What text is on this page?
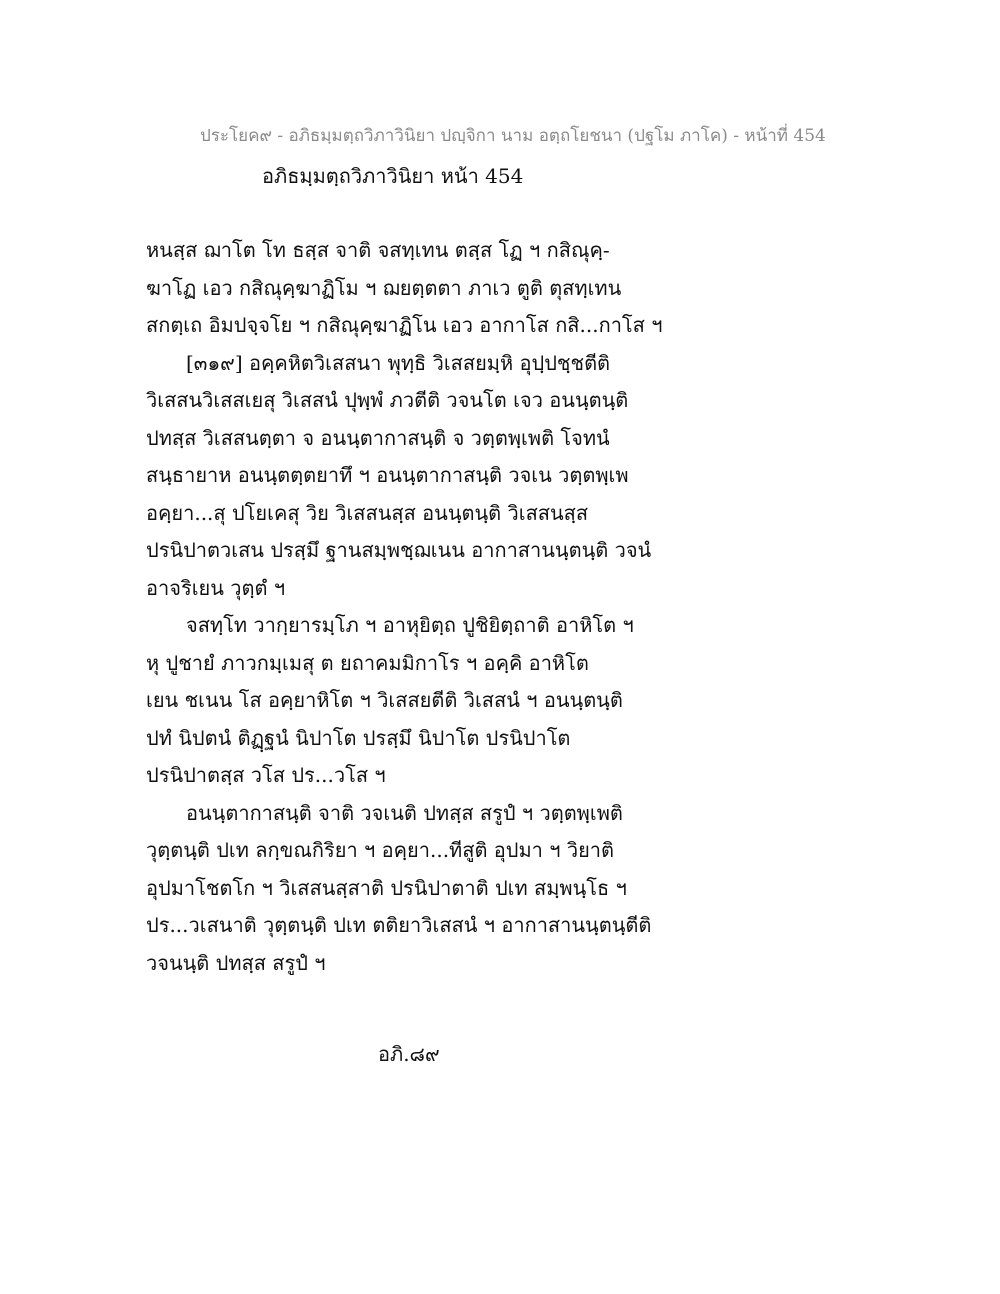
ประโยค๙ - อภิธมฺมตฺถวิภาวินิยา ปญฺจิกา นาม อตฺถโยชนา (ปฐโม ภาโค) - หน้าที่ 454
อภิธมฺมตฺถวิภาวินิยา หน้า 454
หนสฺส ฌาโต โท ธสฺส จาติ จสทฺเทน ตสฺส โฏ ฯ กสิณุคฺ-
ฆาโฏ เอว กสิณุคฺฆาฏิโม ฯ ฌยตฺตตา ภาเว ตูติ ตุสทฺเทน
สกตฺเถ อิมปจฺจโย ฯ กสิณุคฺฆาฏิโน เอว อากาโส กสิ...กาโส ฯ
[๓๑๙] อคฺคหิตวิเสสนา พุทฺธิ วิเสสยมฺหิ อุปฺปชฺชตีติ
วิเสสนวิเสสเยสุ วิเสสนํ ปุพฺพํ ภวตีติ วจนโต เจว อนนฺตนฺติ
ปทสฺส วิเสสนตฺตา จ อนนฺตากาสนฺติ จ วตฺตพฺเพติ โจทนํ
สนฺธายาห อนนฺตตฺตยาทึ ฯ อนนฺตากาสนฺติ วจเน วตฺตพฺเพ
อคฺยา...สุ ปโยเคสุ วิย วิเสสนสฺส อนนฺตนฺติ วิเสสนสฺส
ปรนิปาตวเสน ปรสฺมึ ฐานสมฺพชฺฌเนน อากาสานนฺตนฺติ วจนํ
อาจริเยน วุตฺตํ ฯ
จสทฺโท วากฺยารมฺโภ ฯ อาหุยิตฺถ ปูชิยิตฺถาติ อาหิโต ฯ
หุ ปูชายํ ภาวกมฺเมสุ ต ยถาคมมิกาโร ฯ อคฺคิ อาหิโต
เยน ชเนน โส อคฺยาหิโต ฯ วิเสสยตีติ วิเสสนํ ฯ อนนฺตนฺติ
ปทํ นิปตนํ ติฏฺฐนํ นิปาโต ปรสฺมึ นิปาโต ปรนิปาโต
ปรนิปาตสฺส วโส ปร...วโส ฯ
อนนฺตากาสนฺติ จาติ วจเนติ ปทสฺส สรูปํ ฯ วตฺตพฺเพติ
วุตฺตนฺติ ปเท ลกฺขณกิริยา ฯ อคฺยา...ทีสูติ อุปมา ฯ วิยาติ
อุปมาโชตโก ฯ วิเสสนสฺสาติ ปรนิปาตาติ ปเท สมฺพนฺโธ ฯ
ปร...วเสนาติ วุตฺตนฺติ ปเท ตติยาวิเสสนํ ฯ อากาสานนฺตนฺตีติ
วจนนฺติ ปทสฺส สรูปํ ฯ
อภิ.๘๙
